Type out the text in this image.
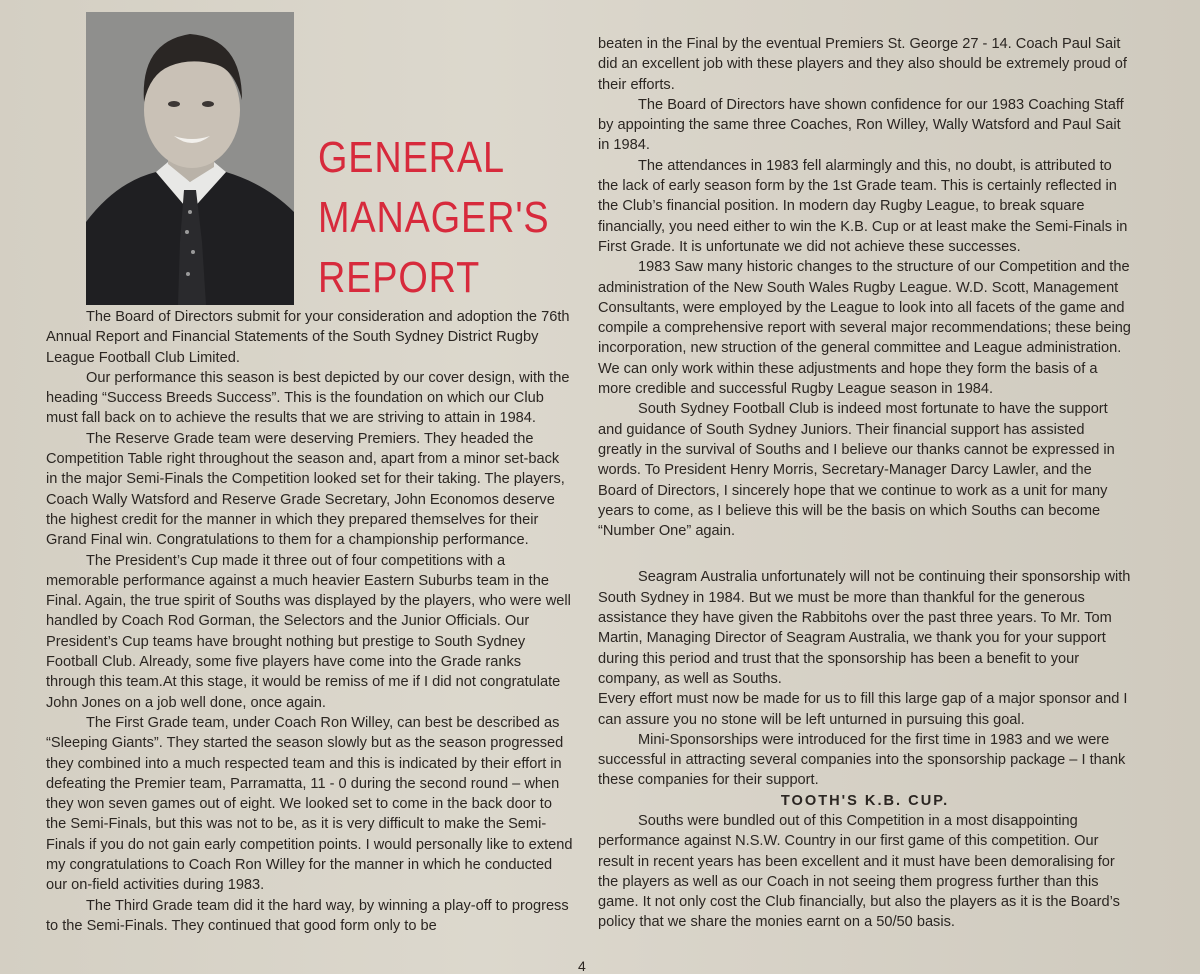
GENERAL
MANAGER'S
REPORT

The Board of Directors submit for your consideration and adoption the 76th Annual Report and Financial Statements of the South Sydney District Rugby League Football Club Limited.

Our performance this season is best depicted by our cover design, with the heading “Success Breeds Success”. This is the foundation on which our Club must fall back on to achieve the results that we are striving to attain in 1984.

The Reserve Grade team were deserving Premiers. They headed the Competition Table right throughout the season and, apart from a minor set-back in the major Semi-Finals the Competition looked set for their taking. The players, Coach Wally Watsford and Reserve Grade Secretary, John Economos deserve the highest credit for the manner in which they prepared themselves for their Grand Final win. Congratulations to them for a championship performance.

The President’s Cup made it three out of four competitions with a memorable performance against a much heavier Eastern Suburbs team in the Final. Again, the true spirit of Souths was displayed by the players, who were well handled by Coach Rod Gorman, the Selectors and the Junior Officials. Our President’s Cup teams have brought nothing but prestige to South Sydney Football Club. Already, some five players have come into the Grade ranks through this team.At this stage, it would be remiss of me if I did not congratulate John Jones on a job well done, once again.

The First Grade team, under Coach Ron Willey, can best be described as “Sleeping Giants”. They started the season slowly but as the season progressed they combined into a much respected team and this is indicated by their effort in defeating the Premier team, Parramatta, 11 - 0 during the second round – when they won seven games out of eight. We looked set to come in the back door to the Semi-Finals, but this was not to be, as it is very difficult to make the Semi-Finals if you do not gain early competition points. I would personally like to extend my congratulations to Coach Ron Willey for the manner in which he conducted our on-field activities during 1983.

The Third Grade team did it the hard way, by winning a play-off to progress to the Semi-Finals. They continued that good form only to be

beaten in the Final by the eventual Premiers St. George 27 - 14. Coach Paul Sait did an excellent job with these players and they also should be extremely proud of their efforts.

The Board of Directors have shown confidence for our 1983 Coaching Staff by appointing the same three Coaches, Ron Willey, Wally Watsford and Paul Sait in 1984.

The attendances in 1983 fell alarmingly and this, no doubt, is attributed to the lack of early season form by the 1st Grade team. This is certainly reflected in the Club’s financial position. In modern day Rugby League, to break square financially, you need either to win the K.B. Cup or at least make the Semi-Finals in First Grade. It is unfortunate we did not achieve these successes.

1983 Saw many historic changes to the structure of our Competition and the administration of the New South Wales Rugby League. W.D. Scott, Management Consultants, were employed by the League to look into all facets of the game and compile a comprehensive report with several major recommendations; these being incorporation, new struction of the general committee and League administration. We can only work within these adjustments and hope they form the basis of a more credible and successful Rugby League season in 1984.

South Sydney Football Club is indeed most fortunate to have the support and guidance of South Sydney Juniors. Their financial support has assisted greatly in the survival of Souths and I believe our thanks cannot be expressed in words. To President Henry Morris, Secretary-Manager Darcy Lawler, and the Board of Directors, I sincerely hope that we continue to work as a unit for many years to come, as I believe this will be the basis on which Souths can become “Number One” again.

Seagram Australia unfortunately will not be continuing their sponsorship with South Sydney in 1984. But we must be more than thankful for the generous assistance they have given the Rabbitohs over the past three years. To Mr. Tom Martin, Managing Director of Seagram Australia, we thank you for your support during this period and trust that the sponsorship has been a benefit to your company, as well as Souths.

Every effort must now be made for us to fill this large gap of a major sponsor and I can assure you no stone will be left unturned in pursuing this goal.

Mini-Sponsorships were introduced for the first time in 1983 and we were successful in attracting several companies into the sponsorship package – I thank these companies for their support.

TOOTH'S K.B. CUP.

Souths were bundled out of this Competition in a most disappointing performance against N.S.W. Country in our first game of this competition. Our result in recent years has been excellent and it must have been demoralising for the players as well as our Coach in not seeing them progress further than this game. It not only cost the Club financially, but also the players as it is the Board’s policy that we share the monies earnt on a 50/50 basis.

4
